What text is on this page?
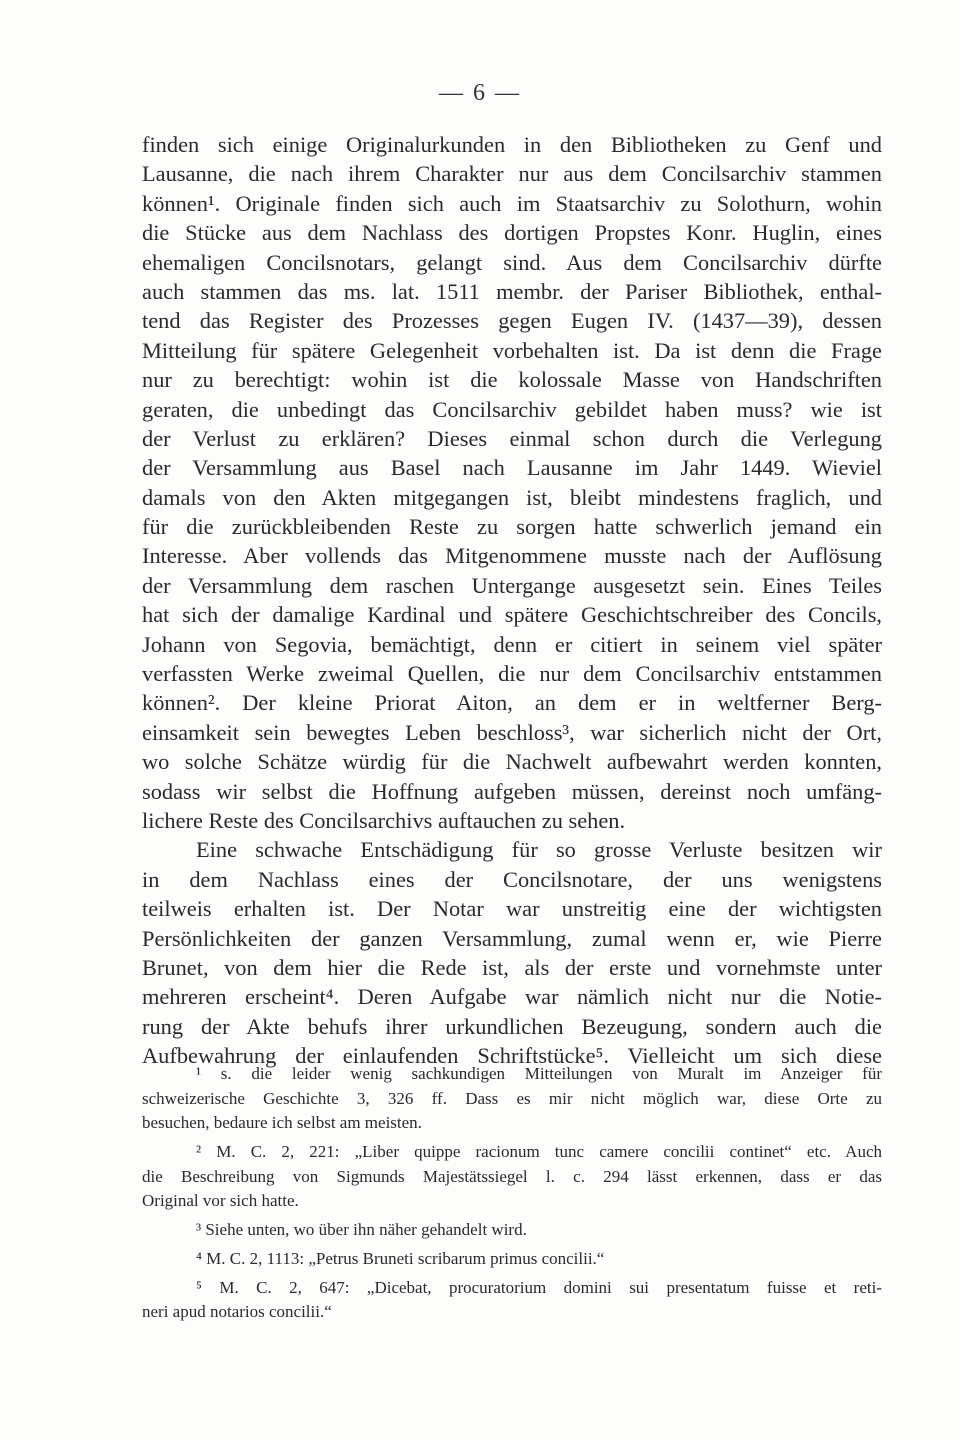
— 6 —
finden sich einige Originalurkunden in den Bibliotheken zu Genf und
Lausanne, die nach ihrem Charakter nur aus dem Concilsarchiv stammen
können¹. Originale finden sich auch im Staatsarchiv zu Solothurn, wohin
die Stücke aus dem Nachlass des dortigen Propstes Konr. Huglin, eines
ehemaligen Concilsnotars, gelangt sind. Aus dem Concilsarchiv dürfte
auch stammen das ms. lat. 1511 membr. der Pariser Bibliothek, enthal-
tend das Register des Prozesses gegen Eugen IV. (1437—39), dessen
Mitteilung für spätere Gelegenheit vorbehalten ist. Da ist denn die Frage
nur zu berechtigt: wohin ist die kolossale Masse von Handschriften
geraten, die unbedingt das Concilsarchiv gebildet haben muss? wie ist
der Verlust zu erklären? Dieses einmal schon durch die Verlegung
der Versammlung aus Basel nach Lausanne im Jahr 1449. Wieviel
damals von den Akten mitgegangen ist, bleibt mindestens fraglich, und
für die zurückbleibenden Reste zu sorgen hatte schwerlich jemand ein
Interesse. Aber vollends das Mitgenommene musste nach der Auflösung
der Versammlung dem raschen Untergange ausgesetzt sein. Eines Teiles
hat sich der damalige Kardinal und spätere Geschichtschreiber des Concils,
Johann von Segovia, bemächtigt, denn er citiert in seinem viel später
verfassten Werke zweimal Quellen, die nur dem Concilsarchiv entstammen
können². Der kleine Priorat Aiton, an dem er in weltferner Berg-
einsamkeit sein bewegtes Leben beschloss³, war sicherlich nicht der Ort,
wo solche Schätze würdig für die Nachwelt aufbewahrt werden konnten,
sodass wir selbst die Hoffnung aufgeben müssen, dereinst noch umfäng-
lichere Reste des Concilsarchivs auftauchen zu sehen.
Eine schwache Entschädigung für so grosse Verluste besitzen wir
in dem Nachlass eines der Concilsnotare, der uns wenigstens
teilweis erhalten ist. Der Notar war unstreitig eine der wichtigsten
Persönlichkeiten der ganzen Versammlung, zumal wenn er, wie Pierre
Brunet, von dem hier die Rede ist, als der erste und vornehmste unter
mehreren erscheint⁴. Deren Aufgabe war nämlich nicht nur die Notie-
rung der Akte behufs ihrer urkundlichen Bezeugung, sondern auch die
Aufbewahrung der einlaufenden Schriftstücke⁵. Vielleicht um sich diese
¹ s. die leider wenig sachkundigen Mitteilungen von Muralt im Anzeiger für
schweizerische Geschichte 3, 326 ff. Dass es mir nicht möglich war, diese Orte zu
besuchen, bedaure ich selbst am meisten.
² M. C. 2, 221: „Liber quippe racionum tunc camere concilii continet“ etc. Auch
die Beschreibung von Sigmunds Majestätssiegel l. c. 294 lässt erkennen, dass er das
Original vor sich hatte.
³ Siehe unten, wo über ihn näher gehandelt wird.
⁴ M. C. 2, 1113: „Petrus Bruneti scribarum primus concilii.“
⁵ M. C. 2, 647: „Dicebat, procuratorium domini sui presentatum fuisse et reti-
neri apud notarios concilii.“
